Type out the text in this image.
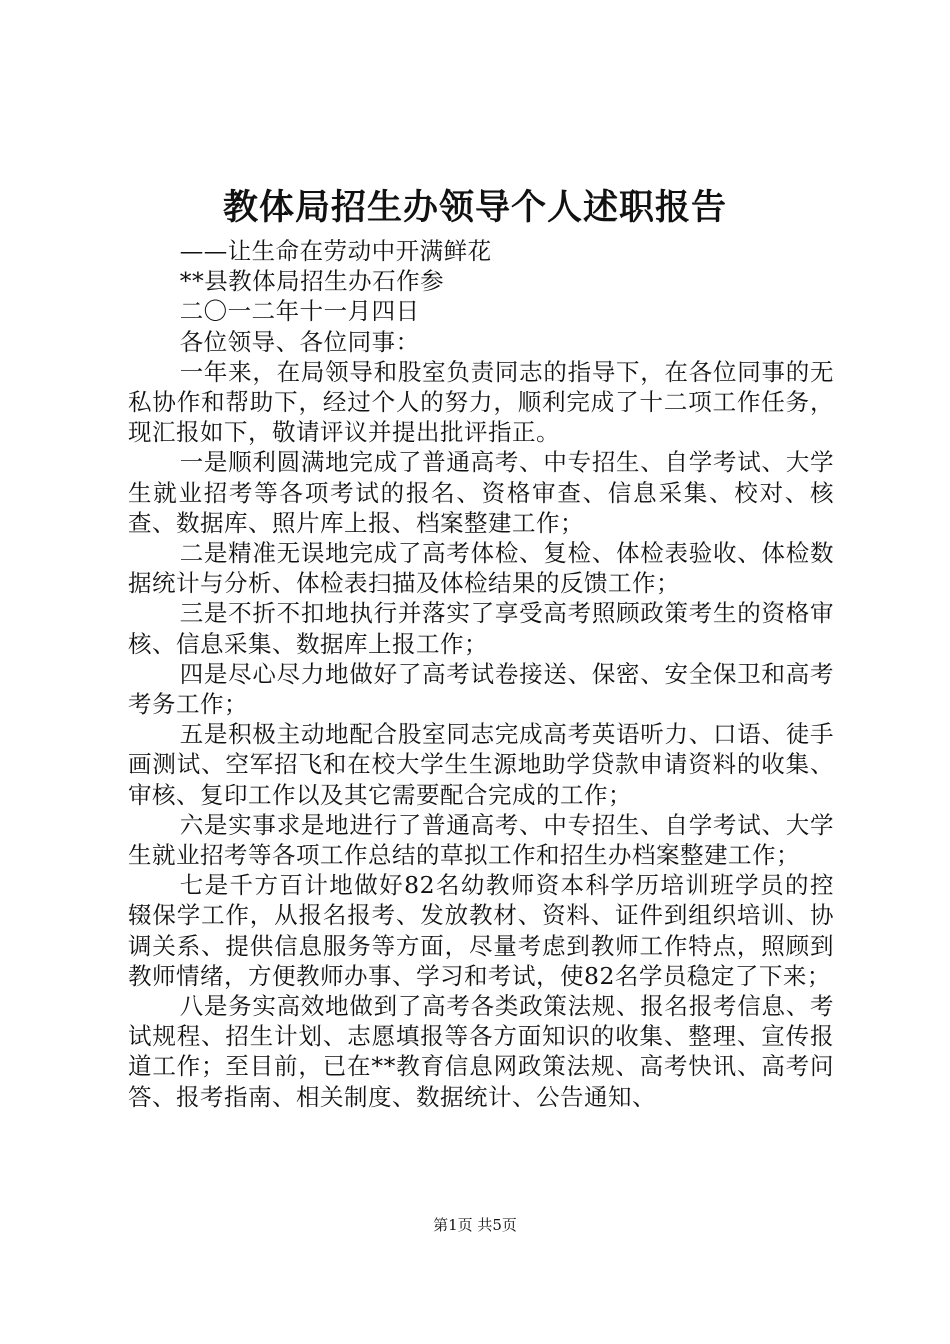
教体局招生办领导个人述职报告

——让生命在劳动中开满鲜花

**县教体局招生办石作参

二〇一二年十一月四日

各位领导、各位同事：

一年来，在局领导和股室负责同志的指导下，在各位同事的无私协作和帮助下，经过个人的努力，顺利完成了十二项工作任务，现汇报如下，敬请评议并提出批评指正。

一是顺利圆满地完成了普通高考、中专招生、自学考试、大学生就业招考等各项考试的报名、资格审查、信息采集、校对、核查、数据库、照片库上报、档案整建工作；

二是精准无误地完成了高考体检、复检、体检表验收、体检数据统计与分析、体检表扫描及体检结果的反馈工作；

三是不折不扣地执行并落实了享受高考照顾政策考生的资格审核、信息采集、数据库上报工作；

四是尽心尽力地做好了高考试卷接送、保密、安全保卫和高考考务工作；

五是积极主动地配合股室同志完成高考英语听力、口语、徒手画测试、空军招飞和在校大学生生源地助学贷款申请资料的收集、审核、复印工作以及其它需要配合完成的工作；

六是实事求是地进行了普通高考、中专招生、自学考试、大学生就业招考等各项工作总结的草拟工作和招生办档案整建工作；

七是千方百计地做好82名幼教师资本科学历培训班学员的控辍保学工作，从报名报考、发放教材、资料、证件到组织培训、协调关系、提供信息服务等方面，尽量考虑到教师工作特点，照顾到教师情绪，方便教师办事、学习和考试，使82名学员稳定了下来；

八是务实高效地做到了高考各类政策法规、报名报考信息、考试规程、招生计划、志愿填报等各方面知识的收集、整理、宣传报道工作；至目前，已在**教育信息网政策法规、高考快讯、高考问答、报考指南、相关制度、数据统计、公告通知、

第1页 共5页
